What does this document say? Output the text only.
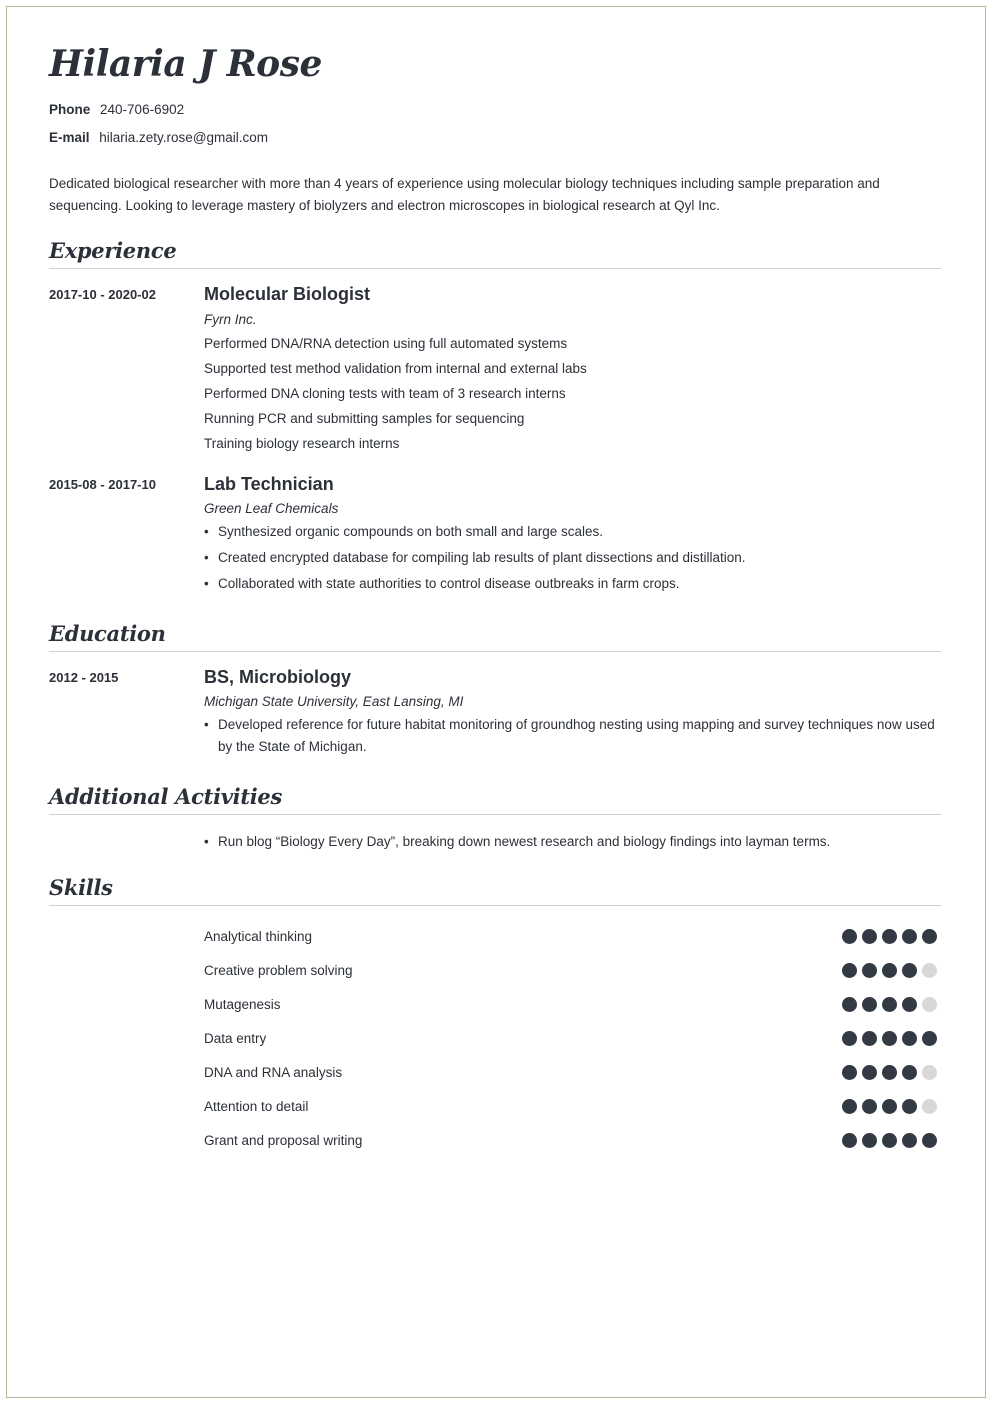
Hilaria J Rose
Phone 240-706-6902
E-mail hilaria.zety.rose@gmail.com

Dedicated biological researcher with more than 4 years of experience using molecular biology techniques including sample preparation and sequencing. Looking to leverage mastery of biolyzers and electron microscopes in biological research at Qyl Inc.

Experience
2017-10 - 2020-02	Molecular Biologist
Fyrn Inc.
Performed DNA/RNA detection using full automated systems
Supported test method validation from internal and external labs
Performed DNA cloning tests with team of 3 research interns
Running PCR and submitting samples for sequencing
Training biology research interns
2015-08 - 2017-10	Lab Technician
Green Leaf Chemicals
• Synthesized organic compounds on both small and large scales.
• Created encrypted database for compiling lab results of plant dissections and distillation.
• Collaborated with state authorities to control disease outbreaks in farm crops.
Education
2012 - 2015	BS, Microbiology
Michigan State University, East Lansing, MI
• Developed reference for future habitat monitoring of groundhog nesting using mapping and survey techniques now used by the State of Michigan.
Additional Activities
• Run blog “Biology Every Day”, breaking down newest research and biology findings into layman terms.
Skills
Analytical thinking
Creative problem solving
Mutagenesis
Data entry
DNA and RNA analysis
Attention to detail
Grant and proposal writing
